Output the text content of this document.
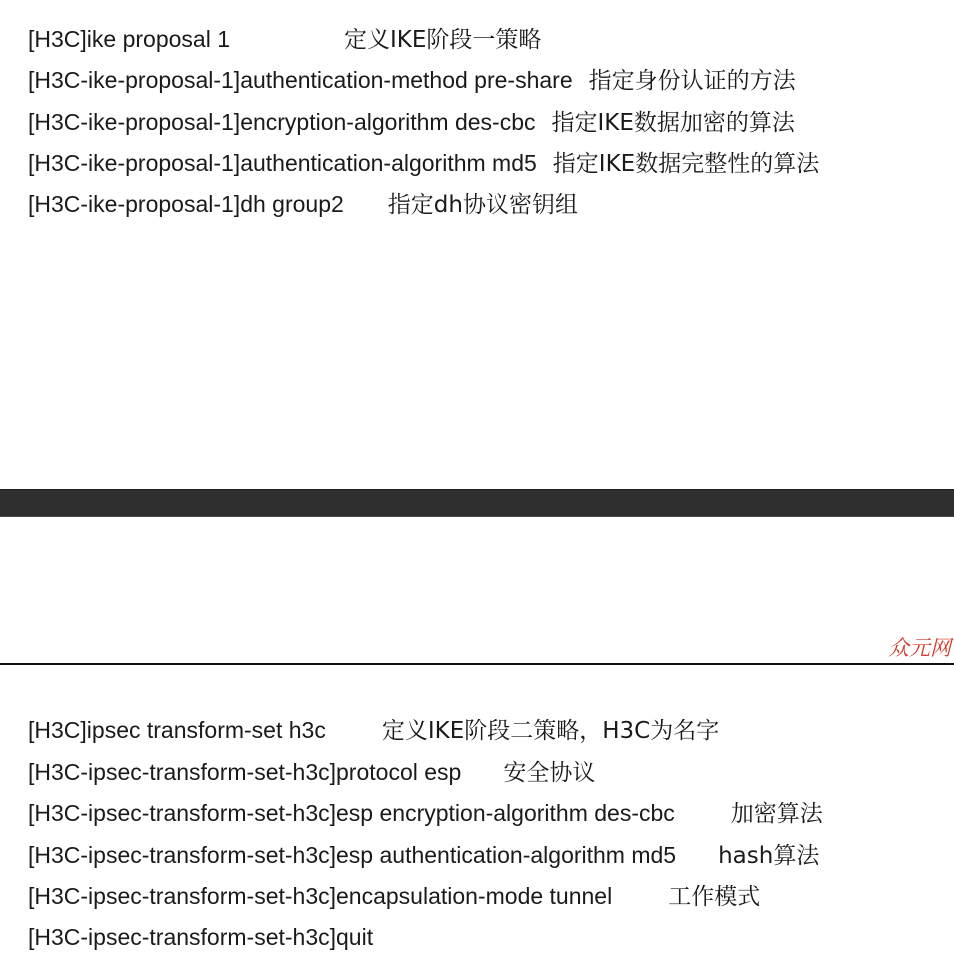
[H3C]ike proposal 1	定义IKE阶段一策略
[H3C-ike-proposal-1]authentication-method pre-share 指定身份认证的方法
[H3C-ike-proposal-1]encryption-algorithm des-cbc 指定IKE数据加密的算法
[H3C-ike-proposal-1]authentication-algorithm md5 指定IKE数据完整性的算法
[H3C-ike-proposal-1]dh group2 指定dh协议密钥组
众元网
[H3C]ipsec transform-set h3c 定义IKE阶段二策略，H3C为名字
[H3C-ipsec-transform-set-h3c]protocol esp 安全协议
[H3C-ipsec-transform-set-h3c]esp encryption-algorithm des-cbc 加密算法
[H3C-ipsec-transform-set-h3c]esp authentication-algorithm md5 hash算法
[H3C-ipsec-transform-set-h3c]encapsulation-mode tunnel 工作模式
[H3C-ipsec-transform-set-h3c]quit
